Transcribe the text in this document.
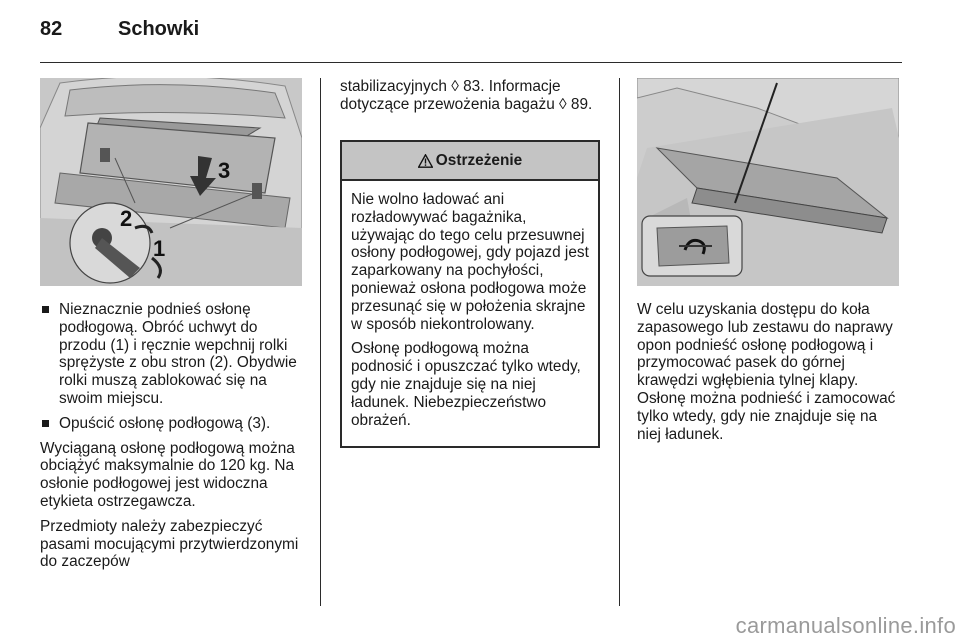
82	Schowki
3
2
1
Nieznacznie podnieś osłonę podłogową. Obróć uchwyt do przodu (1) i ręcznie wepchnij rolki sprężyste z obu stron (2). Obydwie rolki muszą zablokować się na swoim miejscu.
Opuścić osłonę podłogową (3).

Wyciąganą osłonę podłogową można obciążyć maksymalnie do 120 kg. Na osłonie podłogowej jest widoczna etykieta ostrzegawcza.

Przedmioty należy zabezpieczyć pasami mocującymi przytwierdzonymi do zaczepów

stabilizacyjnych ◊ 83. Informacje dotyczące przewożenia bagażu ◊ 89.

Ostrzeżenie

Nie wolno ładować ani rozładowywać bagażnika, używając do tego celu przesuwnej osłony podłogowej, gdy pojazd jest zaparkowany na pochyłości, ponieważ osłona podłogowa może przesunąć się w położenia skrajne w sposób niekontrolowany.

Osłonę podłogową można podnosić i opuszczać tylko wtedy, gdy nie znajduje się na niej ładunek. Niebezpieczeństwo obrażeń.

W celu uzyskania dostępu do koła zapasowego lub zestawu do naprawy opon podnieść osłonę podłogową i przymocować pasek do górnej krawędzi wgłębienia tylnej klapy. Osłonę można podnieść i zamocować tylko wtedy, gdy nie znajduje się na niej ładunek.

carmanualsonline.info
